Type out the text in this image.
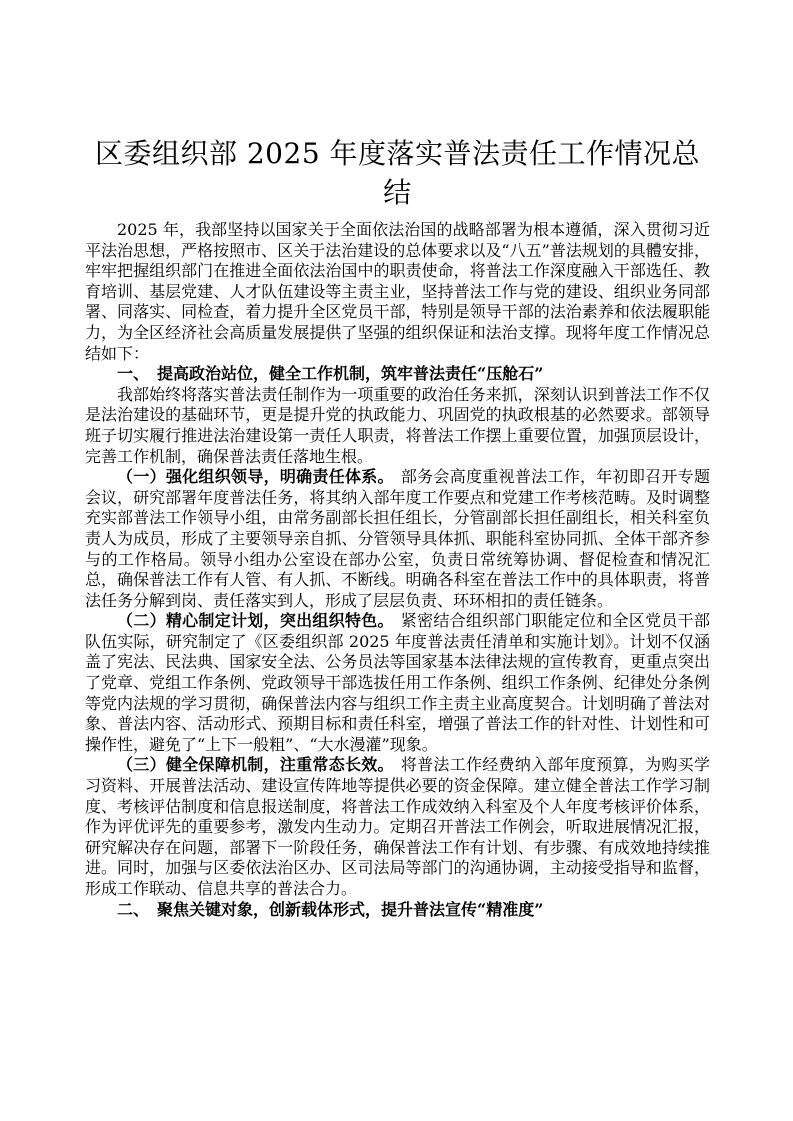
区委组织部 2025 年度落实普法责任工作情况总结

2025 年，我部坚持以国家关于全面依法治国的战略部署为根本遵循，深入贯彻习近平法治思想，严格按照市、区关于法治建设的总体要求以及“八五”普法规划的具體安排，牢牢把握组织部门在推进全面依法治国中的职责使命，将普法工作深度融入干部选任、教育培训、基层党建、人才队伍建设等主责主业，坚持普法工作与党的建设、组织业务同部署、同落实、同检查，着力提升全区党员干部，特别是领导干部的法治素养和依法履职能力，为全区经济社会高质量发展提供了坚强的组织保证和法治支撑。现将年度工作情况总结如下：

一、　提高政治站位，健全工作机制，筑牢普法责任“压舱石”

我部始终将落实普法责任制作为一项重要的政治任务来抓，深刻认识到普法工作不仅是法治建设的基础环节，更是提升党的执政能力、巩固党的执政根基的必然要求。部领导班子切实履行推进法治建设第一责任人职责，将普法工作摆上重要位置，加强顶层设计，完善工作机制，确保普法责任落地生根。

（一）强化组织领导，明确责任体系。 部务会高度重视普法工作，年初即召开专题会议，研究部署年度普法任务，将其纳入部年度工作要点和党建工作考核范畴。及时调整充实部普法工作领导小组，由常务副部长担任组长，分管副部长担任副组长，相关科室负责人为成员，形成了主要领导亲自抓、分管领导具体抓、职能科室协同抓、全体干部齐参与的工作格局。领导小组办公室设在部办公室，负责日常统筹协调、督促检查和情况汇总，确保普法工作有人管、有人抓、不断线。明确各科室在普法工作中的具体职责，将普法任务分解到岗、责任落实到人，形成了层层负责、环环相扣的责任链条。

（二）精心制定计划，突出组织特色。 紧密结合组织部门职能定位和全区党员干部队伍实际，研究制定了《区委组织部 2025 年度普法责任清单和实施计划》。计划不仅涵盖了宪法、民法典、国家安全法、公务员法等国家基本法律法规的宣传教育，更重点突出了党章、党组工作条例、党政领导干部选拔任用工作条例、组织工作条例、纪律处分条例等党内法规的学习贯彻，确保普法内容与组织工作主责主业高度契合。计划明确了普法对象、普法内容、活动形式、预期目标和责任科室，增强了普法工作的针对性、计划性和可操作性，避免了“上下一般粗”、“大水漫灌”现象。

（三）健全保障机制，注重常态长效。 将普法工作经费纳入部年度预算，为购买学习资料、开展普法活动、建设宣传阵地等提供必要的资金保障。建立健全普法工作学习制度、考核评估制度和信息报送制度，将普法工作成效纳入科室及个人年度考核评价体系，作为评优评先的重要参考，激发内生动力。定期召开普法工作例会，听取进展情况汇报，研究解决存在问题，部署下一阶段任务，确保普法工作有计划、有步骤、有成效地持续推进。同时，加强与区委依法治区办、区司法局等部门的沟通协调，主动接受指导和监督，形成工作联动、信息共享的普法合力。

二、　聚焦关键对象，创新载体形式，提升普法宣传“精准度”
